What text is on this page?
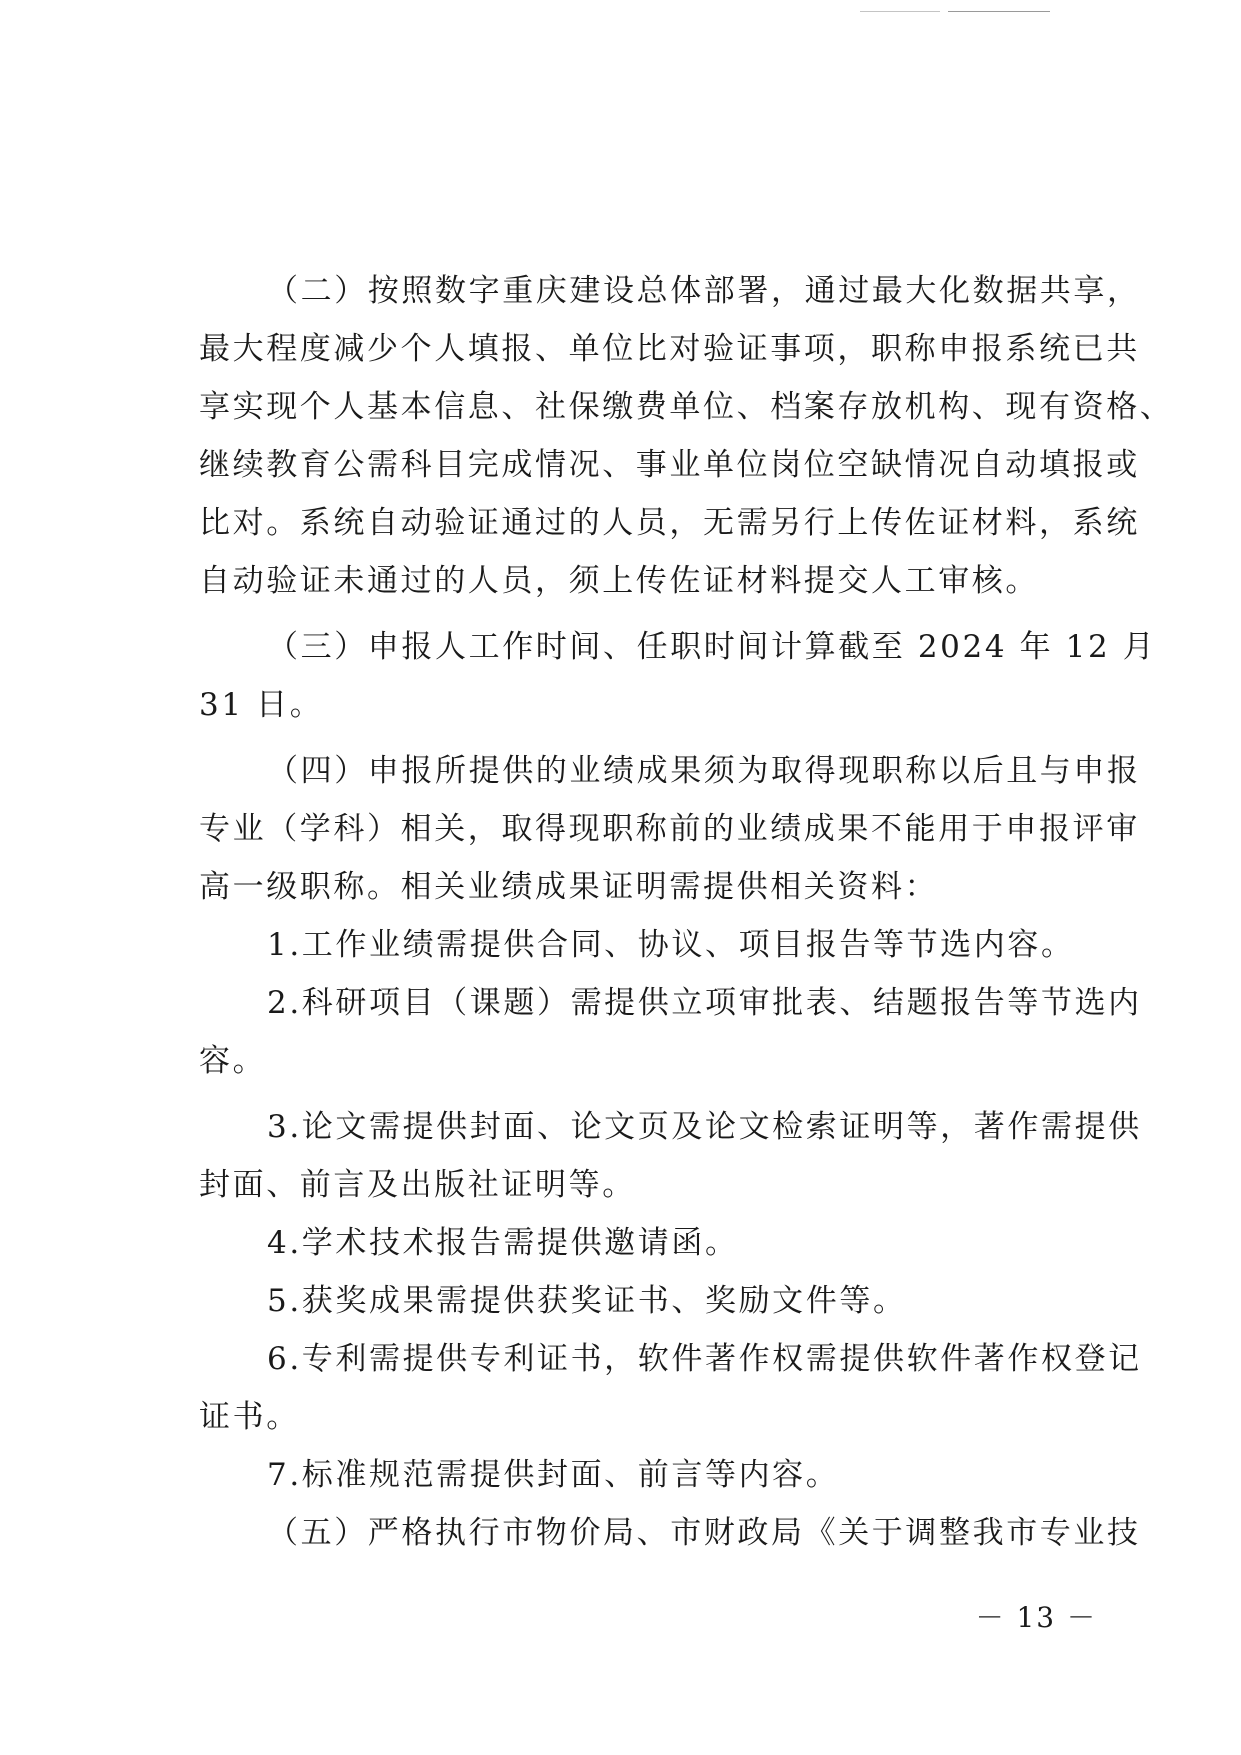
（二）按照数字重庆建设总体部署，通过最大化数据共享，
最大程度减少个人填报、单位比对验证事项，职称申报系统已共
享实现个人基本信息、社保缴费单位、档案存放机构、现有资格、
继续教育公需科目完成情况、事业单位岗位空缺情况自动填报或
比对。系统自动验证通过的人员，无需另行上传佐证材料，系统
自动验证未通过的人员，须上传佐证材料提交人工审核。
（三）申报人工作时间、任职时间计算截至 2024 年 12 月
31 日。
（四）申报所提供的业绩成果须为取得现职称以后且与申报
专业（学科）相关，取得现职称前的业绩成果不能用于申报评审
高一级职称。相关业绩成果证明需提供相关资料：
1.工作业绩需提供合同、协议、项目报告等节选内容。
2.科研项目（课题）需提供立项审批表、结题报告等节选内
容。
3.论文需提供封面、论文页及论文检索证明等，著作需提供
封面、前言及出版社证明等。
4.学术技术报告需提供邀请函。
5.获奖成果需提供获奖证书、奖励文件等。
6.专利需提供专利证书，软件著作权需提供软件著作权登记
证书。
7.标准规范需提供封面、前言等内容。
（五）严格执行市物价局、市财政局《关于调整我市专业技
－ 13 －
